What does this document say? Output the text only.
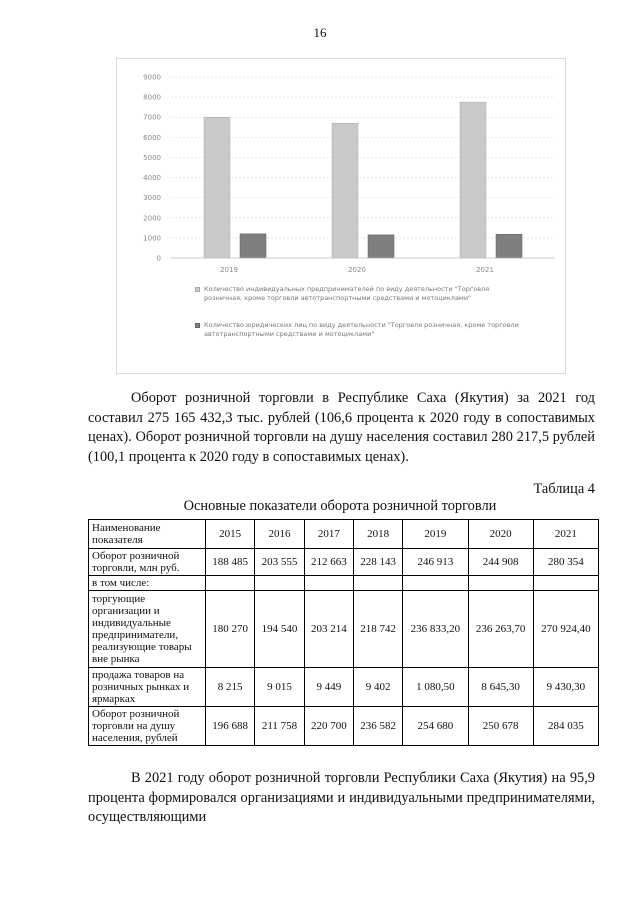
16
0
1000
2000
3000
4000
5000
6000
7000
8000
9000
2019	2020	2021
Количество индивидуальных предпринимателей по виду деятельности "Торговля розничная, кроме торговли автотранспортными средствами и мотоциклами"
Количество юридических лиц по виду деятельности "Торговля розничная, кроме торговли автотранспортными средствами и мотоциклами"

Оборот розничной торговли в Республике Саха (Якутия) за 2021 год составил 275 165 432,3 тыс. рублей (106,6 процента к 2020 году в сопоставимых ценах). Оборот розничной торговли на душу населения составил 280 217,5 рублей (100,1 процента к 2020 году в сопоставимых ценах).

Таблица 4
Основные показатели оборота розничной торговли
Наименование показателя	2015	2016	2017	2018	2019	2020	2021
Оборот розничной торговли, млн руб.	188 485	203 555	212 663	228 143	246 913	244 908	280 354
в том числе:							
торгующие организации и индивидуальные предприниматели, реализующие товары вне рынка	180 270	194 540	203 214	218 742	236 833,20	236 263,70	270 924,40
продажа товаров на розничных рынках и ярмарках	8 215	9 015	9 449	9 402	1 080,50	8 645,30	9 430,30
Оборот розничной торговли на душу населения, рублей	196 688	211 758	220 700	236 582	254 680	250 678	284 035

В 2021 году оборот розничной торговли Республики Саха (Якутия) на 95,9 процента формировался организациями и индивидуальными предпринимателями, осуществляющими
